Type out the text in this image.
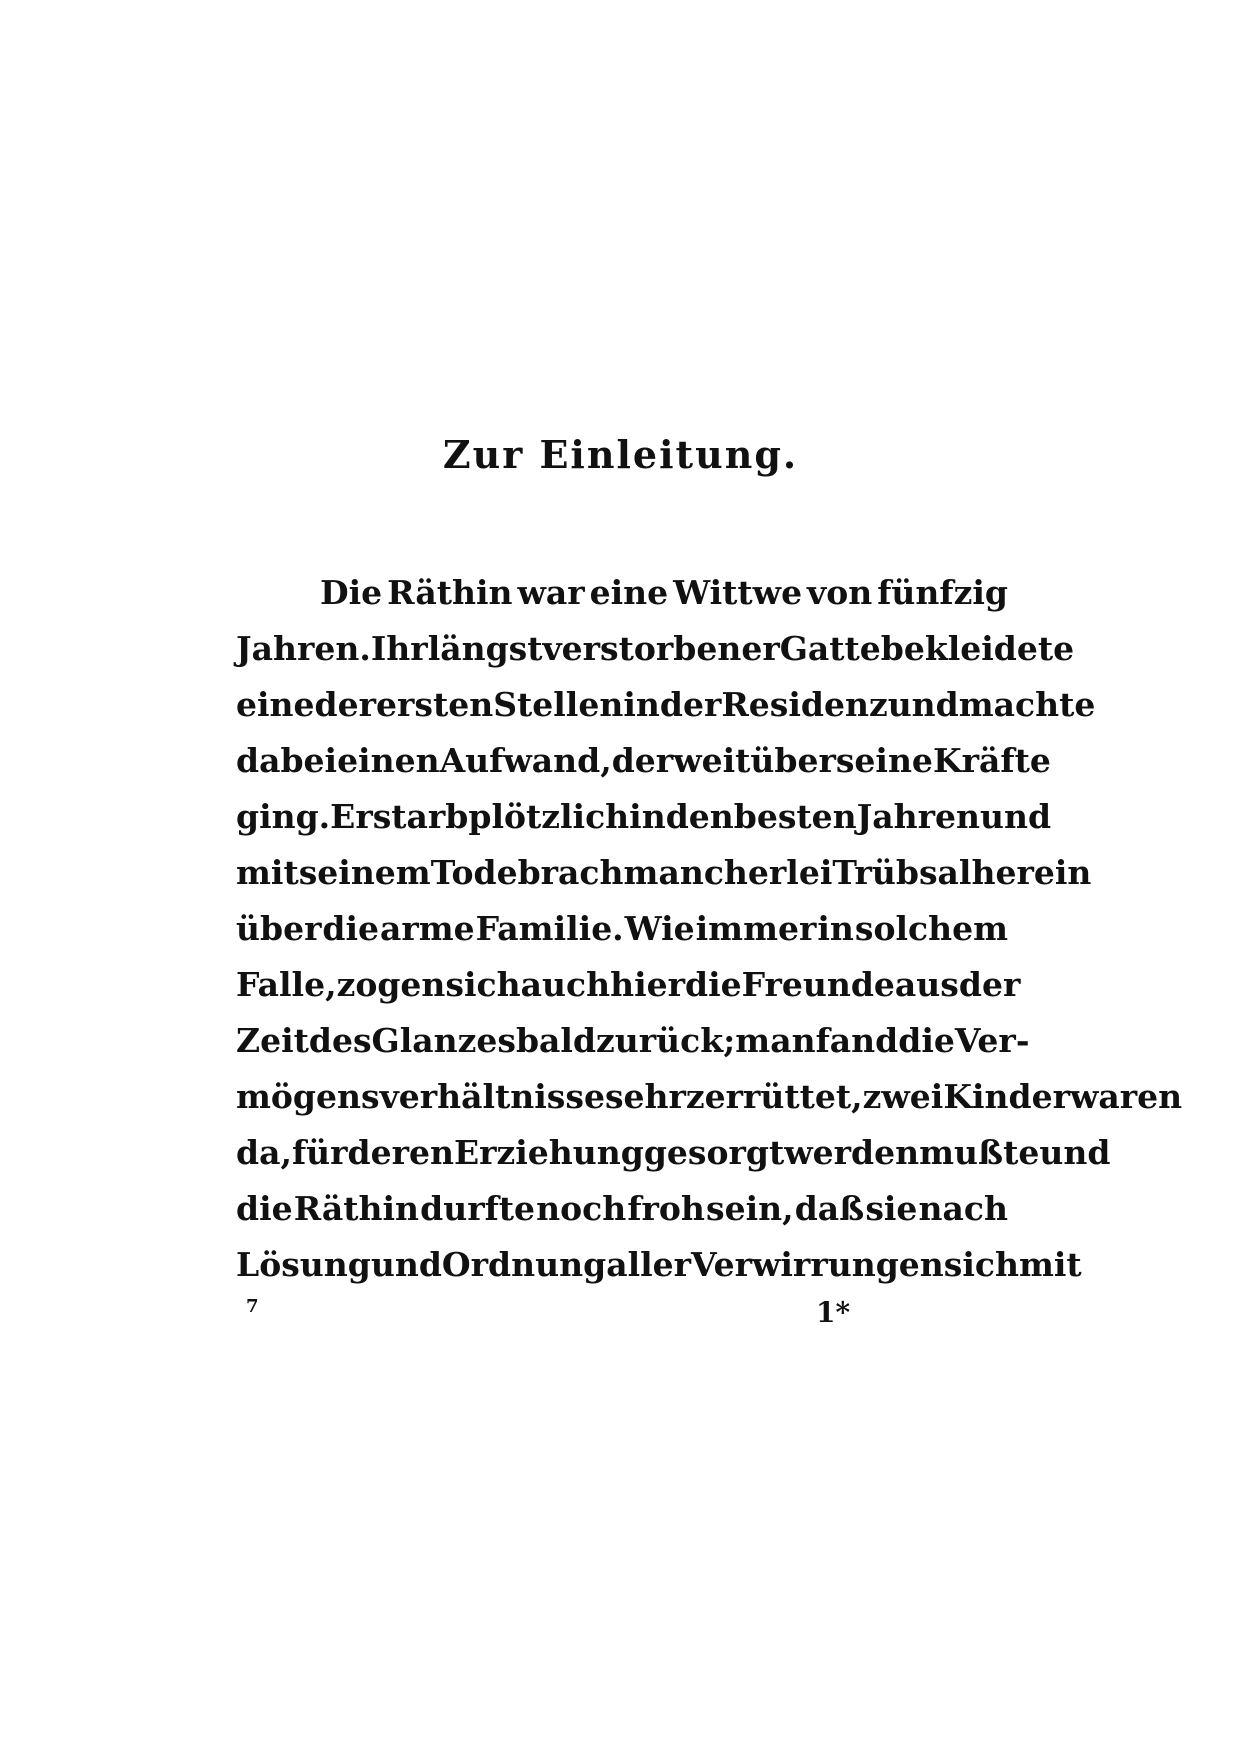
Zur Einleitung.
Die Räthin war eine Wittwe von fünfzig
Jahren. Ihr längst verstorbener Gatte bekleidete
eine der ersten Stellen in der Residenz und machte
dabei einen Aufwand, der weit über seine Kräfte
ging. Er starb plötzlich in den besten Jahren und
mit seinem Tode brach mancherlei Trübsal herein
über die arme Familie. Wie immer in solchem
Falle, zogen sich auch hier die Freunde aus der
Zeit des Glanzes bald zurück; man fand die Ver-
mögensverhältnisse sehr zerrüttet, zwei Kinder waren
da, für deren Erziehung gesorgt werden mußte und
die Räthin durfte noch froh sein, daß sie nach
Lösung und Ordnung aller Verwirrungen sich mit
7	1*
